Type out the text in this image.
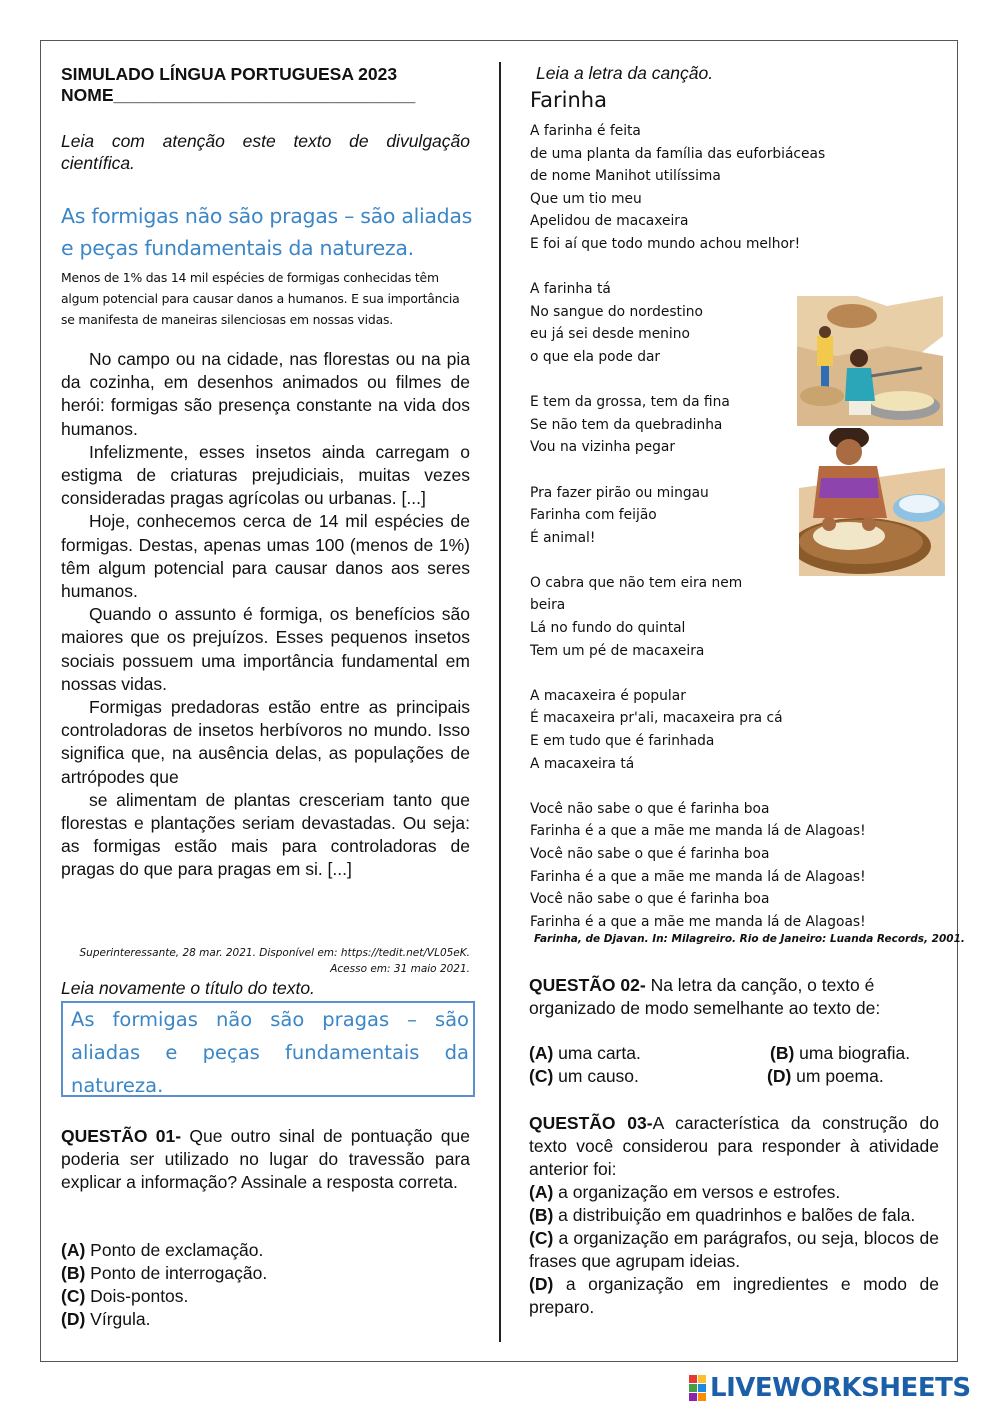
SIMULADO LÍNGUA PORTUGUESA 2023
NOME_______________________________
Leia com atenção este texto de divulgação científica.
As formigas não são pragas – são aliadas e peças fundamentais da natureza.
Menos de 1% das 14 mil espécies de formigas conhecidas têm algum potencial para causar danos a humanos. E sua importância se manifesta de maneiras silenciosas em nossas vidas.

No campo ou na cidade, nas florestas ou na pia da cozinha, em desenhos animados ou filmes de herói: formigas são presença constante na vida dos humanos.

Infelizmente, esses insetos ainda carregam o estigma de criaturas prejudiciais, muitas vezes consideradas pragas agrícolas ou urbanas. [...]

Hoje, conhecemos cerca de 14 mil espécies de formigas. Destas, apenas umas 100 (menos de 1%) têm algum potencial para causar danos aos seres humanos.

Quando o assunto é formiga, os benefícios são maiores que os prejuízos. Esses pequenos insetos sociais possuem uma importância fundamental em nossas vidas.

Formigas predadoras estão entre as principais controladoras de insetos herbívoros no mundo. Isso significa que, na ausência delas, as populações de artrópodes que

se alimentam de plantas cresceriam tanto que florestas e plantações seriam devastadas. Ou seja: as formigas estão mais para controladoras de pragas do que para pragas em si. [...]

Superinteressante, 28 mar. 2021. Disponível em: https://tedit.net/VL05eK.
Acesso em: 31 maio 2021.
Leia novamente o título do texto.
As formigas não são pragas – são aliadas e peças fundamentais da natureza.
QUESTÃO 01- Que outro sinal de pontuação que poderia ser utilizado no lugar do travessão para explicar a informação? Assinale a resposta correta.
(A) Ponto de exclamação.
(B) Ponto de interrogação.
(C) Dois-pontos.
(D) Vírgula.
Leia a letra da canção.
Farinha
A farinha é feita
de uma planta da família das euforbiáceas
de nome Manihot utilíssima
Que um tio meu
Apelidou de macaxeira
E foi aí que todo mundo achou melhor!
A farinha tá
No sangue do nordestino
eu já sei desde menino
o que ela pode dar
E tem da grossa, tem da fina
Se não tem da quebradinha
Vou na vizinha pegar
Pra fazer pirão ou mingau
Farinha com feijão
É animal!
O cabra que não tem eira nem
beira
Lá no fundo do quintal
Tem um pé de macaxeira
A macaxeira é popular
É macaxeira pr'ali, macaxeira pra cá
E em tudo que é farinhada
A macaxeira tá
Você não sabe o que é farinha boa
Farinha é a que a mãe me manda lá de Alagoas!
Você não sabe o que é farinha boa
Farinha é a que a mãe me manda lá de Alagoas!
Você não sabe o que é farinha boa
Farinha é a que a mãe me manda lá de Alagoas!
Farinha, de Djavan. In: Milagreiro. Rio de Janeiro: Luanda Records, 2001.
QUESTÃO 02- Na letra da canção, o texto é organizado de modo semelhante ao texto de:
(A) uma carta.	(B) uma biografia.
(C) um causo.	(D) um poema.
QUESTÃO 03-A característica da construção do texto você considerou para responder à atividade anterior foi:
(A) a organização em versos e estrofes.
(B) a distribuição em quadrinhos e balões de fala.
(C) a organização em parágrafos, ou seja, blocos de frases que agrupam ideias.
(D) a organização em ingredientes e modo de preparo.
LIVEWORKSHEETS
